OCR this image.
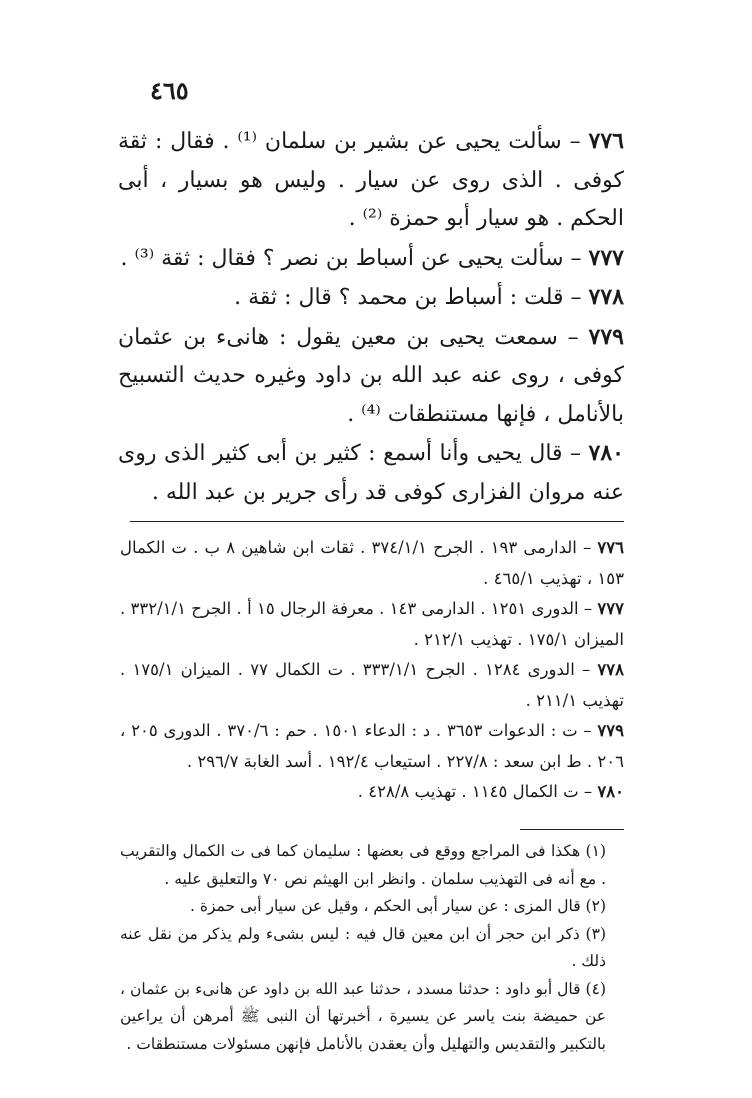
٤٦٥

٧٧٦ – سألت يحيى عن بشير بن سلمان ⁽¹⁾ . فقال : ثقة كوفى . الذى روى عن سيار . وليس هو بسيار ، أبى الحكم . هو سيار أبو حمزة ⁽²⁾ .

٧٧٧ – سألت يحيى عن أسباط بن نصر ؟ فقال : ثقة ⁽³⁾ .

٧٧٨ – قلت : أسباط بن محمد ؟ قال : ثقة .

٧٧٩ – سمعت يحيى بن معين يقول : هانىء بن عثمان كوفى ، روى عنه عبد الله بن داود وغيره حديث التسبيح بالأنامل ، فإنها مستنطقات ⁽⁴⁾ .

٧٨٠ – قال يحيى وأنا أسمع : كثير بن أبى كثير الذى روى عنه مروان الفزارى كوفى قد رأى جرير بن عبد الله .

٧٧٦ – الدارمى ١٩٣ . الجرح ٣٧٤/١/١ . ثقات ابن شاهين ٨ ب . ت الكمال ١٥٣ ، تهذيب ٤٦٥/١ .

٧٧٧ – الدورى ١٢٥١ . الدارمى ١٤٣ . معرفة الرجال ١٥ أ . الجرح ٣٣٢/١/١ . الميزان ١٧٥/١ . تهذيب ٢١٢/١ .

٧٧٨ – الدورى ١٢٨٤ . الجرح ٣٣٣/١/١ . ت الكمال ٧٧ . الميزان ١٧٥/١ . تهذيب ٢١١/١ .

٧٧٩ – ت : الدعوات ٣٦٥٣ . د : الدعاء ١٥٠١ . حم : ٣٧٠/٦ . الدورى ٢٠٥ ، ٢٠٦ . ط ابن سعد : ٢٢٧/٨ . استيعاب ١٩٢/٤ . أسد الغابة ٢٩٦/٧ .

٧٨٠ – ت الكمال ١١٤٥ . تهذيب ٤٢٨/٨ .

(١) هكذا فى المراجع ووقع فى بعضها : سليمان كما فى ت الكمال والتقريب . مع أنه فى التهذيب سلمان . وانظر ابن الهيثم نص ٧٠ والتعليق عليه .

(٢) قال المزى : عن سيار أبى الحكم ، وقيل عن سيار أبى حمزة .

(٣) ذكر ابن حجر أن ابن معين قال فيه : ليس بشىء ولم يذكر من نقل عنه ذلك .

(٤) قال أبو داود : حدثنا مسدد ، حدثنا عبد الله بن داود عن هانىء بن عثمان ، عن حميضة بنت ياسر عن يسيرة ، أخبرتها أن النبى ﷺ أمرهن أن يراعين بالتكبير والتقديس والتهليل وأن يعقدن بالأنامل فإنهن مسئولات مستنطقات .
